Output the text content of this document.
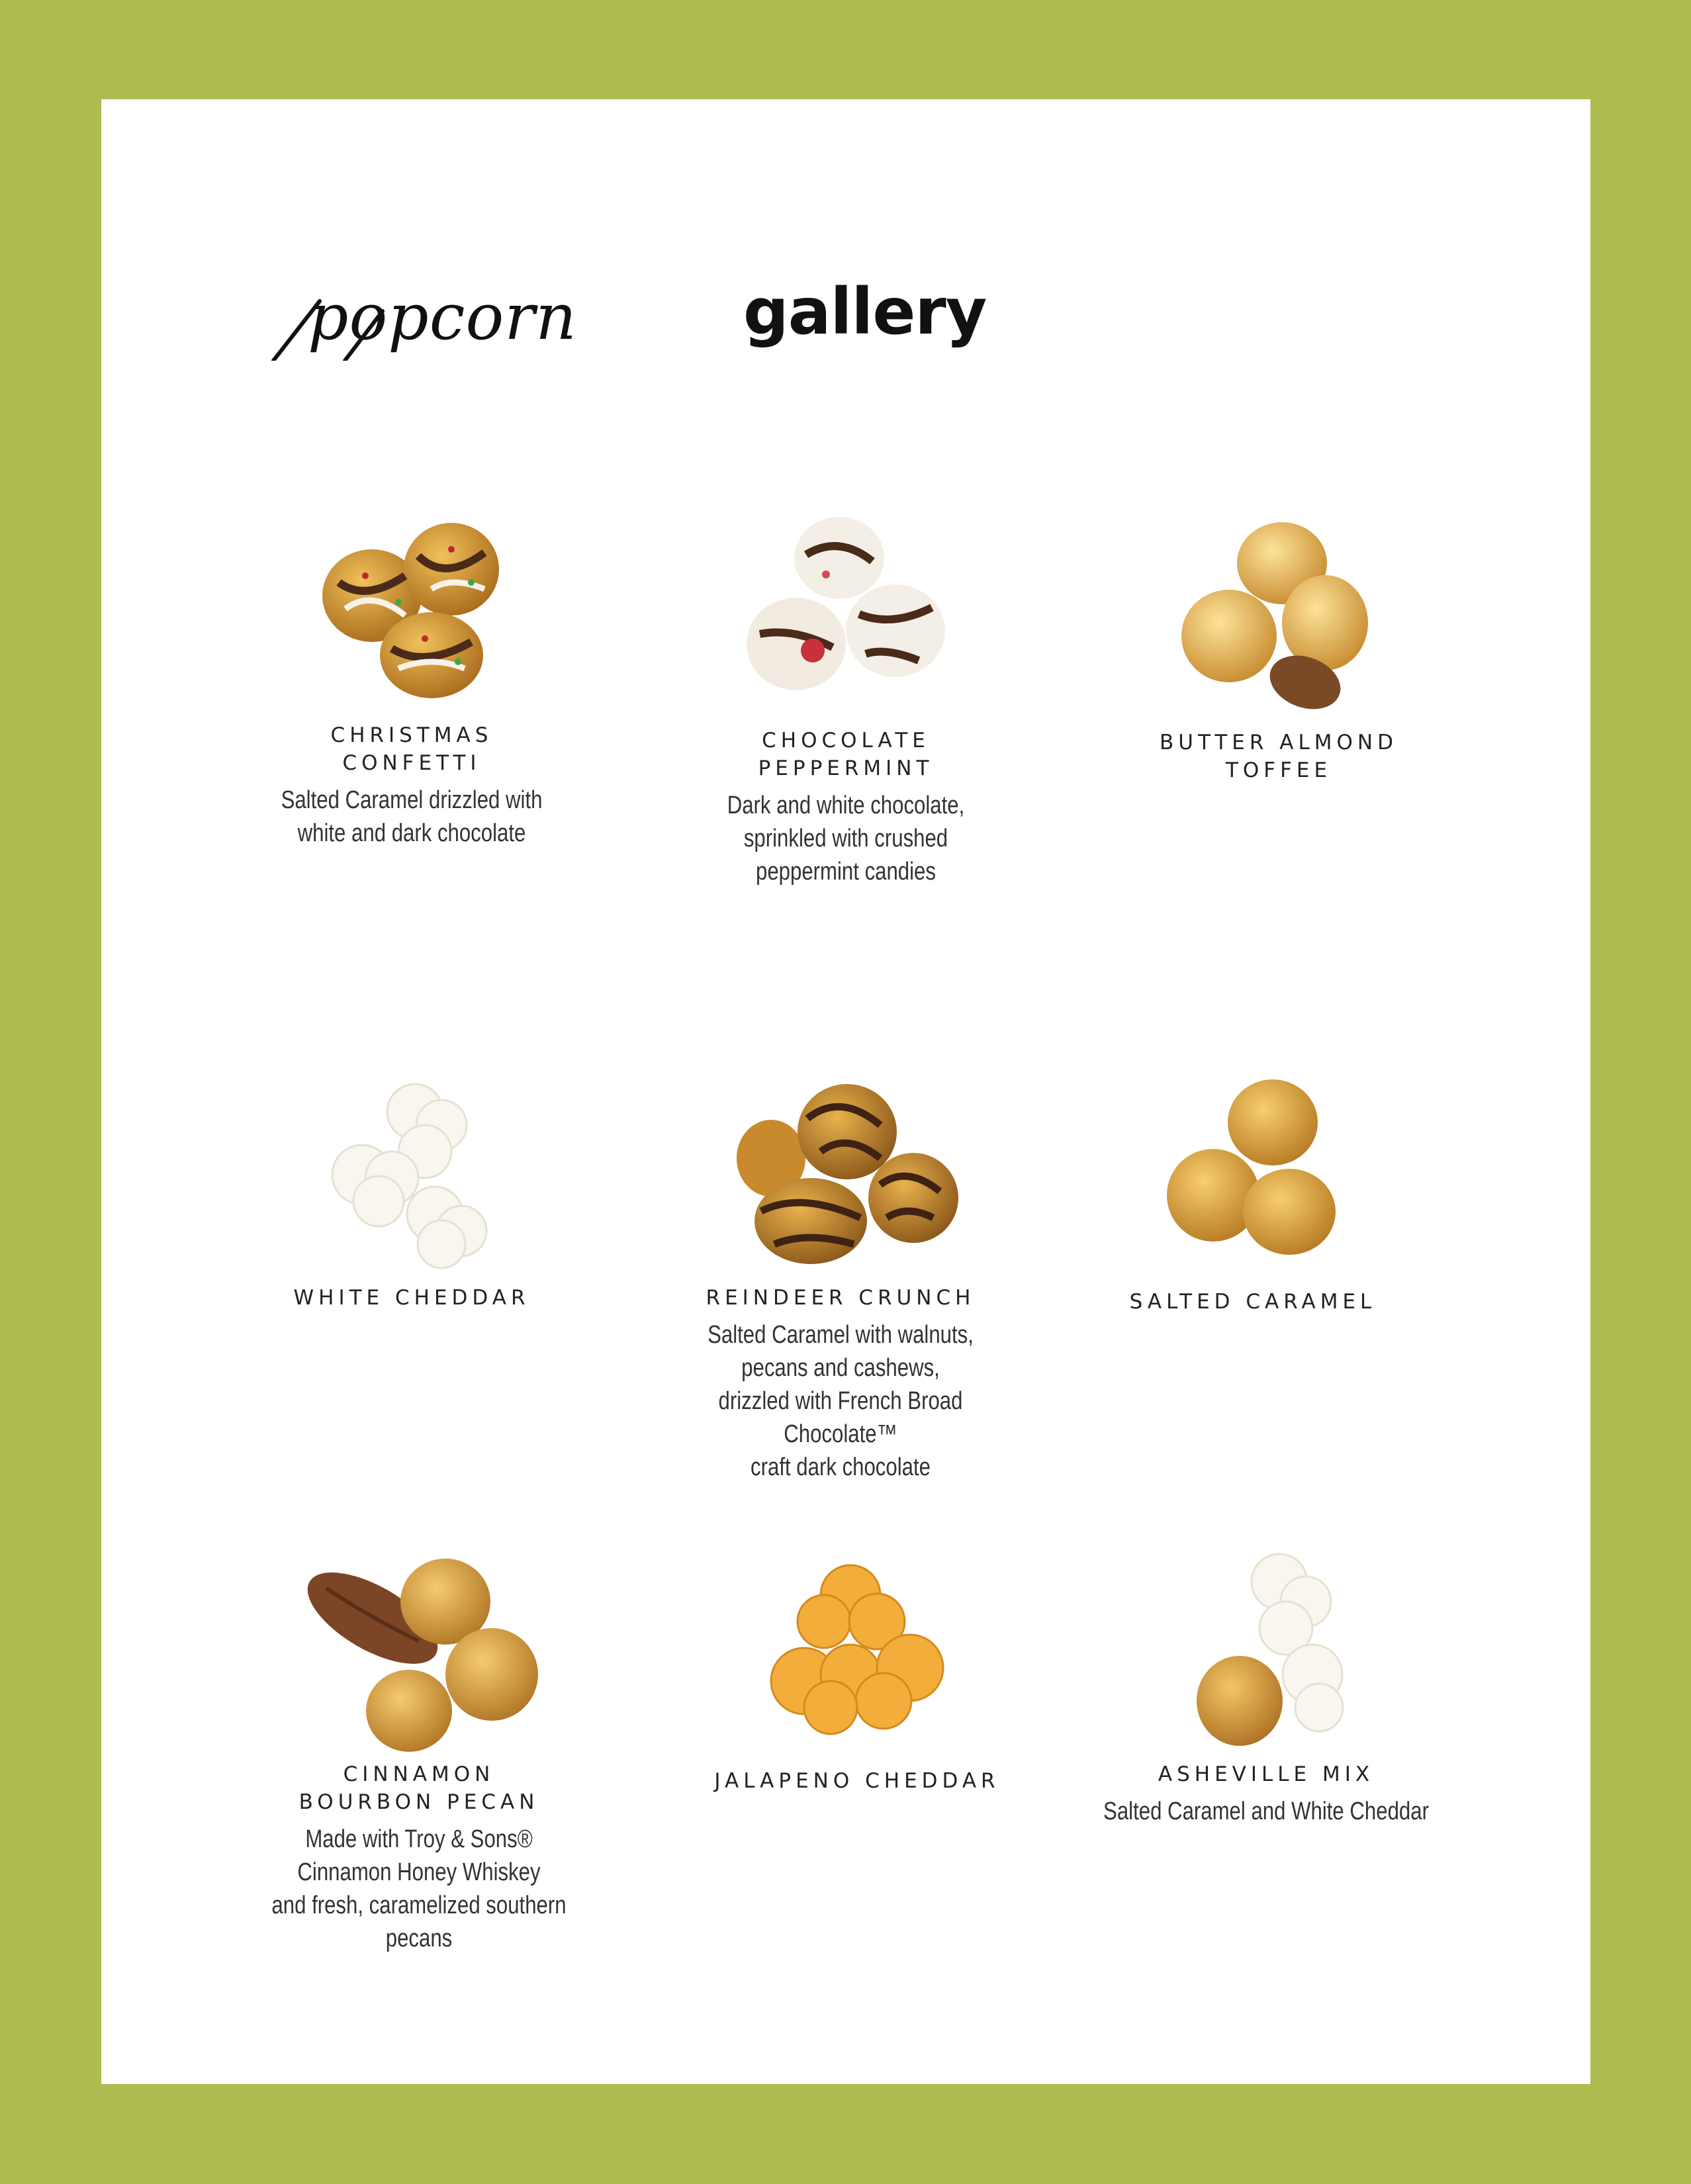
popcorn	gallery
CHRISTMAS
CONFETTI
Salted Caramel drizzled with
white and dark chocolate
CHOCOLATE
PEPPERMINT
Dark and white chocolate,
sprinkled with crushed
peppermint candies
BUTTER ALMOND
TOFFEE
WHITE CHEDDAR	REINDEER CRUNCH
Salted Caramel with walnuts,
pecans and cashews,
drizzled with French Broad Chocolate™
craft dark chocolate
SALTED CARAMEL
CINNAMON
BOURBON PECAN
Made with Troy & Sons®
Cinnamon Honey Whiskey
and fresh, caramelized southern pecans
JALAPENO CHEDDAR	ASHEVILLE MIX
Salted Caramel and White Cheddar
